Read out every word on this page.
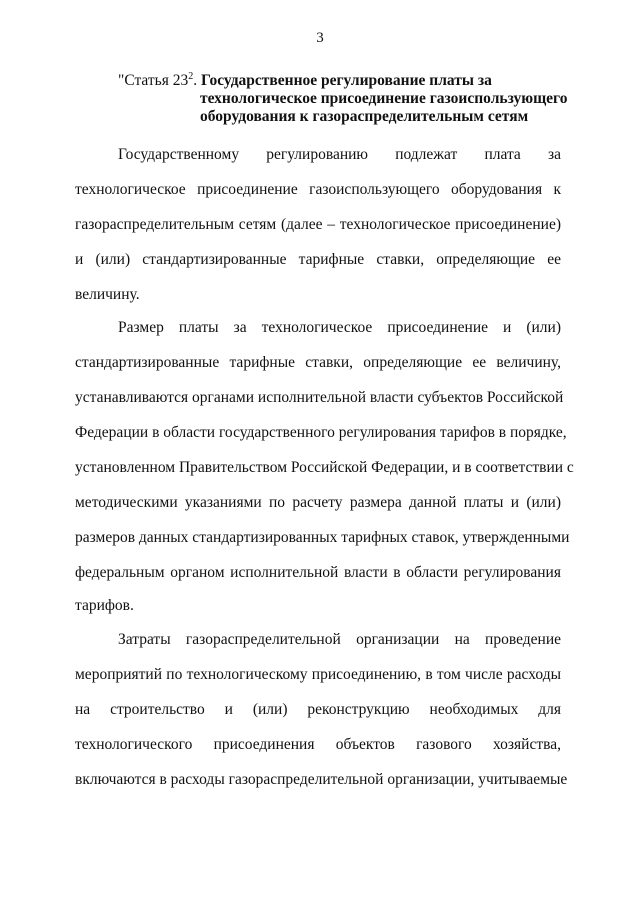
3
"Статья $23^2$. Государственное регулирование платы за
технологическое присоединение газоиспользующего
оборудования к газораспределительным сетям
Государственному регулированию подлежат плата за
технологическое присоединение газоиспользующего оборудования к
газораспределительным сетям (далее – технологическое присоединение)
и (или) стандартизированные тарифные ставки, определяющие ее
величину.
Размер платы за технологическое присоединение и (или)
стандартизированные тарифные ставки, определяющие ее величину,
устанавливаются органами исполнительной власти субъектов Российской
Федерации в области государственного регулирования тарифов в порядке,
установленном Правительством Российской Федерации, и в соответствии с
методическими указаниями по расчету размера данной платы и (или)
размеров данных стандартизированных тарифных ставок, утвержденными
федеральным органом исполнительной власти в области регулирования
тарифов.
Затраты газораспределительной организации на проведение
мероприятий по технологическому присоединению, в том числе расходы
на строительство и (или) реконструкцию необходимых для
технологического присоединения объектов газового хозяйства,
включаются в расходы газораспределительной организации, учитываемые
